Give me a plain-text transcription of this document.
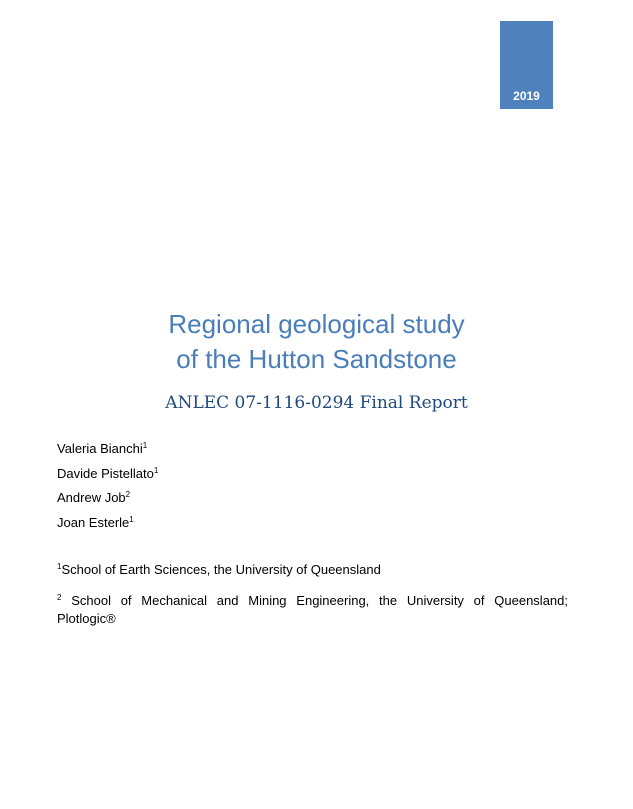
2019
Regional geological study
of the Hutton Sandstone
ANLEC 07-1116-0294 Final Report
Valeria Bianchi$^1$
Davide Pistellato$^1$
Andrew Job$^2$
Joan Esterle$^1$
$^1$School of Earth Sciences, the University of Queensland
$^2$ School of Mechanical and Mining Engineering, the University of Queensland; Plotlogic®
